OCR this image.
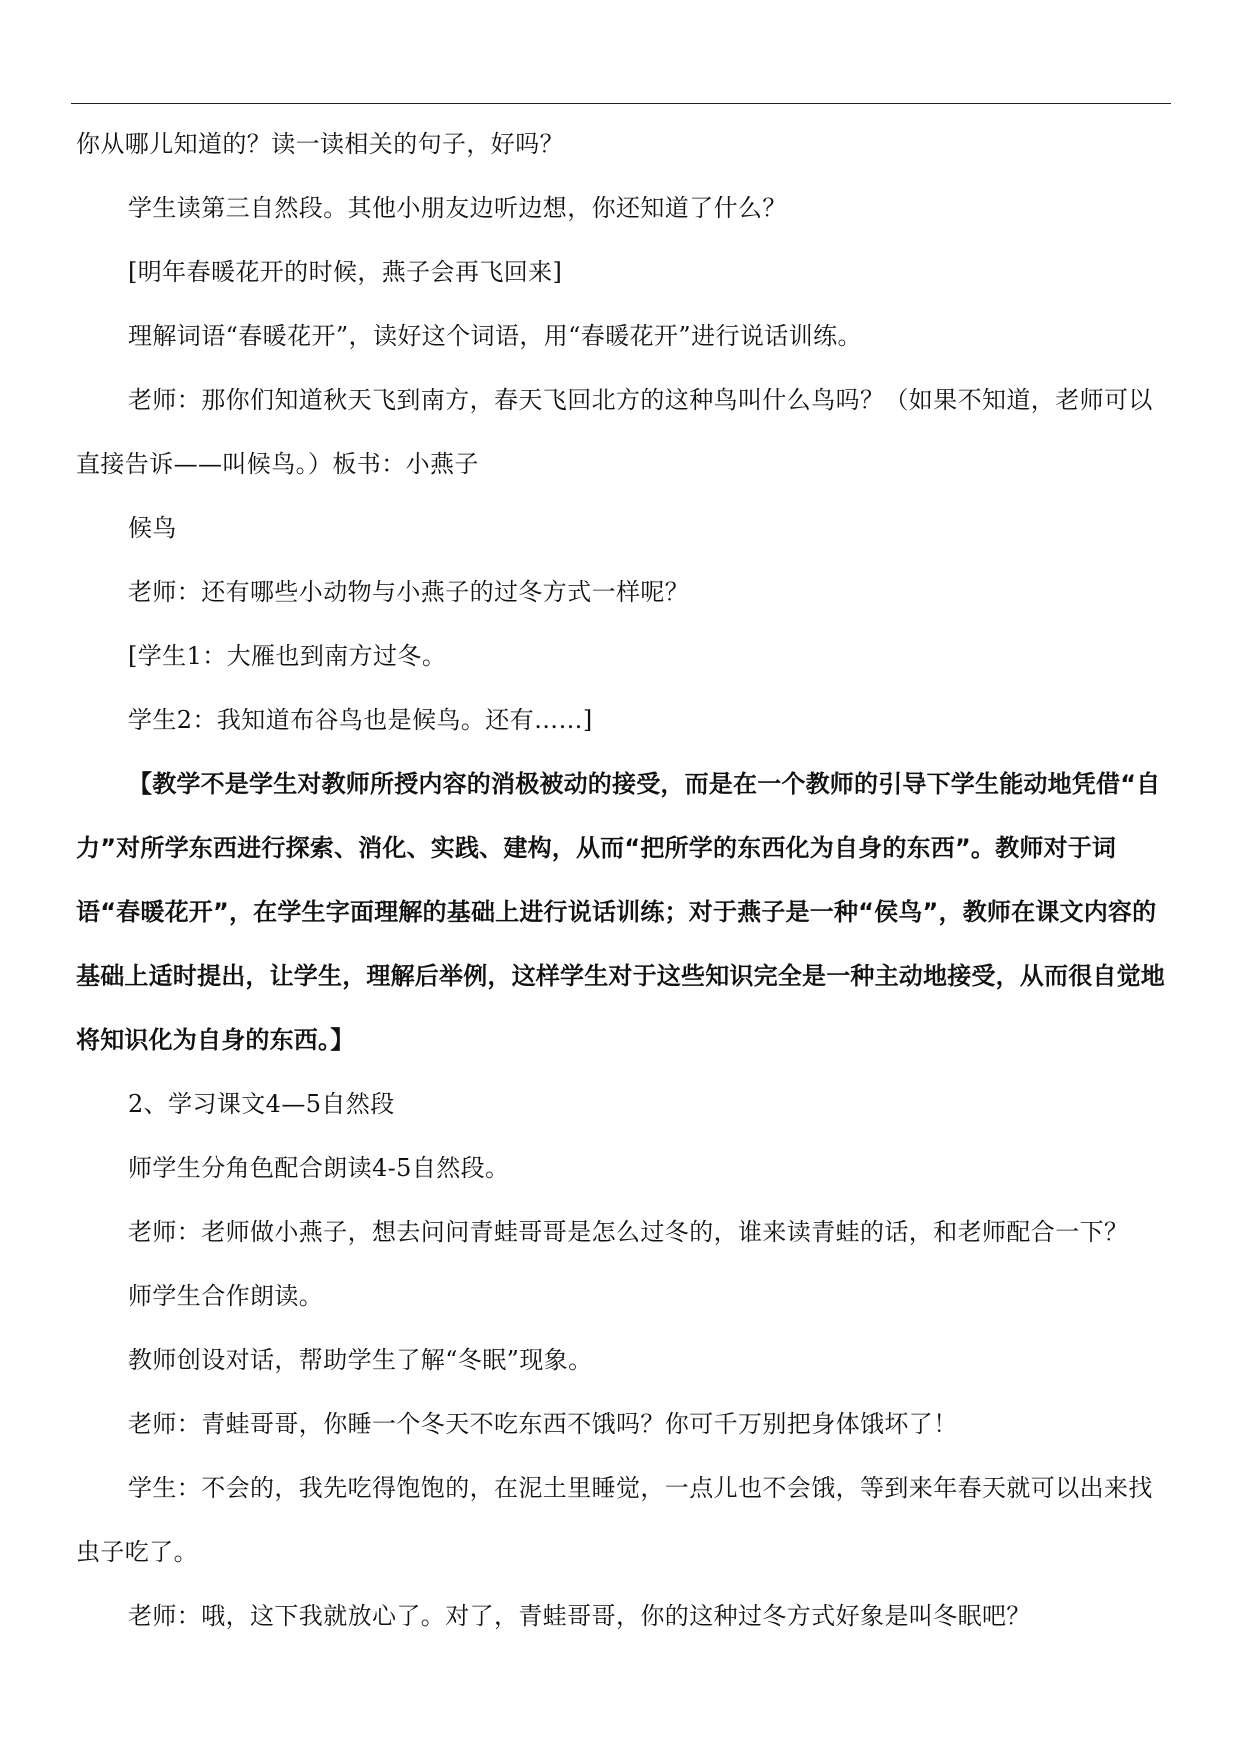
你从哪儿知道的？读一读相关的句子，好吗？

学生读第三自然段。其他小朋友边听边想，你还知道了什么？

[明年春暖花开的时候，燕子会再飞回来]

理解词语“春暖花开”，读好这个词语，用“春暖花开”进行说话训练。

老师：那你们知道秋天飞到南方，春天飞回北方的这种鸟叫什么鸟吗？（如果不知道，老师可以直接告诉——叫候鸟。）板书：小燕子

候鸟

老师：还有哪些小动物与小燕子的过冬方式一样呢？

[学生1：大雁也到南方过冬。

学生2：我知道布谷鸟也是候鸟。还有……]

【教学不是学生对教师所授内容的消极被动的接受，而是在一个教师的引导下学生能动地凭借“自力”对所学东西进行探索、消化、实践、建构，从而“把所学的东西化为自身的东西”。教师对于词语“春暖花开”，在学生字面理解的基础上进行说话训练；对于燕子是一种“侯鸟”，教师在课文内容的基础上适时提出，让学生，理解后举例，这样学生对于这些知识完全是一种主动地接受，从而很自觉地将知识化为自身的东西。】

2、学习课文4—5自然段

师学生分角色配合朗读4-5自然段。

老师：老师做小燕子，想去问问青蛙哥哥是怎么过冬的，谁来读青蛙的话，和老师配合一下？

师学生合作朗读。

教师创设对话，帮助学生了解“冬眠”现象。

老师：青蛙哥哥，你睡一个冬天不吃东西不饿吗？你可千万别把身体饿坏了！

学生：不会的，我先吃得饱饱的，在泥土里睡觉，一点儿也不会饿，等到来年春天就可以出来找虫子吃了。

老师：哦，这下我就放心了。对了，青蛙哥哥，你的这种过冬方式好象是叫冬眠吧？
